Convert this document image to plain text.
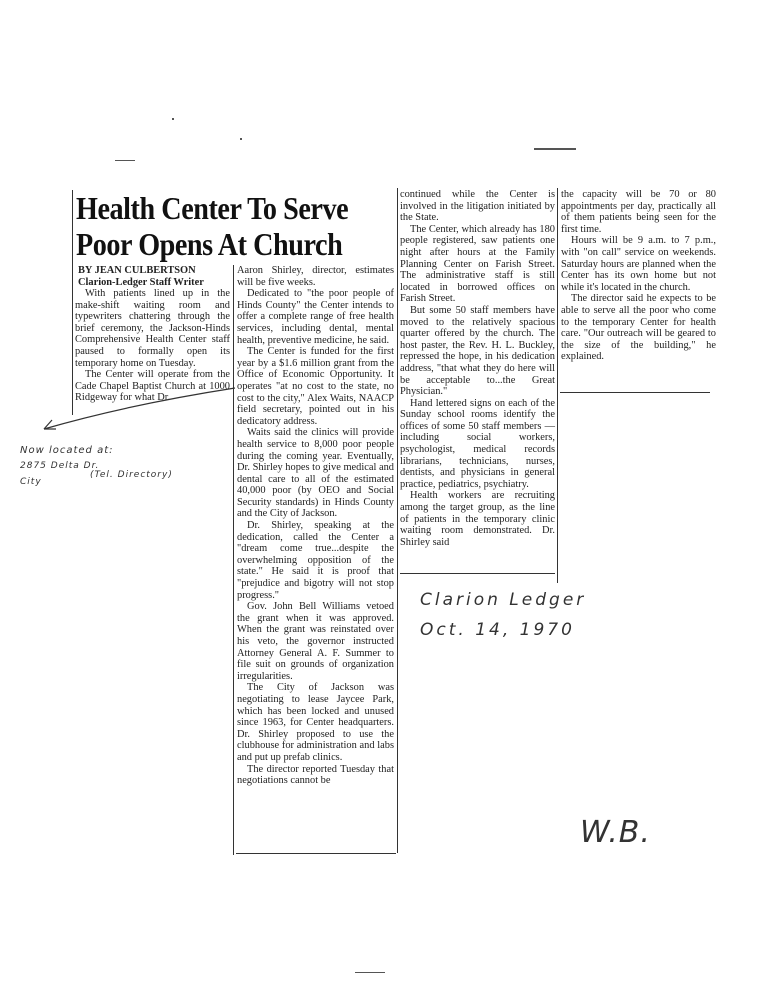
Health Center To Serve Poor Opens At Church
BY JEAN CULBERTSON
Clarion-Ledger Staff Writer

With patients lined up in the make-shift waiting room and typewriters chattering through the brief ceremony, the Jackson-Hinds Comprehensive Health Center staff paused to formally open its temporary home on Tuesday.

The Center will operate from the Cade Chapel Baptist Church at 1000 Ridgeway for what Dr.

Aaron Shirley, director, estimates will be five weeks.

Dedicated to "the poor people of Hinds County" the Center intends to offer a complete range of free health services, including dental, mental health, preventive medicine, he said.

The Center is funded for the first year by a $1.6 million grant from the Office of Economic Opportunity. It operates "at no cost to the state, no cost to the city," Alex Waits, NAACP field secretary, pointed out in his dedicatory address.

Waits said the clinics will provide health service to 8,000 poor people during the coming year. Eventually, Dr. Shirley hopes to give medical and dental care to all of the estimated 40,000 poor (by OEO and Social Security standards) in Hinds County and the City of Jackson.

Dr. Shirley, speaking at the dedication, called the Center a "dream come true...despite the overwhelming opposition of the state." He said it is proof that "prejudice and bigotry will not stop progress."

Gov. John Bell Williams vetoed the grant when it was approved. When the grant was reinstated over his veto, the governor instructed Attorney General A. F. Summer to file suit on grounds of organization irregularities.

The City of Jackson was negotiating to lease Jaycee Park, which has been locked and unused since 1963, for Center headquarters. Dr. Shirley proposed to use the clubhouse for administration and labs and put up prefab clinics.

The director reported Tuesday that negotiations cannot be

continued while the Center is involved in the litigation initiated by the State.

The Center, which already has 180 people registered, saw patients one night after hours at the Family Planning Center on Farish Street. The administrative staff is still located in borrowed offices on Farish Street.

But some 50 staff members have moved to the relatively spacious quarter offered by the church. The host paster, the Rev. H. L. Buckley, repressed the hope, in his dedication address, "that what they do here will be acceptable to...the Great Physician."

Hand lettered signs on each of the Sunday school rooms identify the offices of some 50 staff members — including social workers, psychologist, medical records librarians, technicians, nurses, dentists, and physicians in general practice, pediatrics, psychiatry.

Health workers are recruiting among the target group, as the line of patients in the temporary clinic waiting room demonstrated. Dr. Shirley said

the capacity will be 70 or 80 appointments per day, practically all of them patients being seen for the first time.

Hours will be 9 a.m. to 7 p.m., with "on call" service on weekends. Saturday hours are planned when the Center has its own home but not while it's located in the church.

The director said he expects to be able to serve all the poor who come to the temporary Center for health care. "Our outreach will be geared to the size of the building," he explained.

Now located at:
2875 Delta Dr.
City
(Tel. Directory)
Clarion Ledger
Oct. 14, 1970
W.B.
